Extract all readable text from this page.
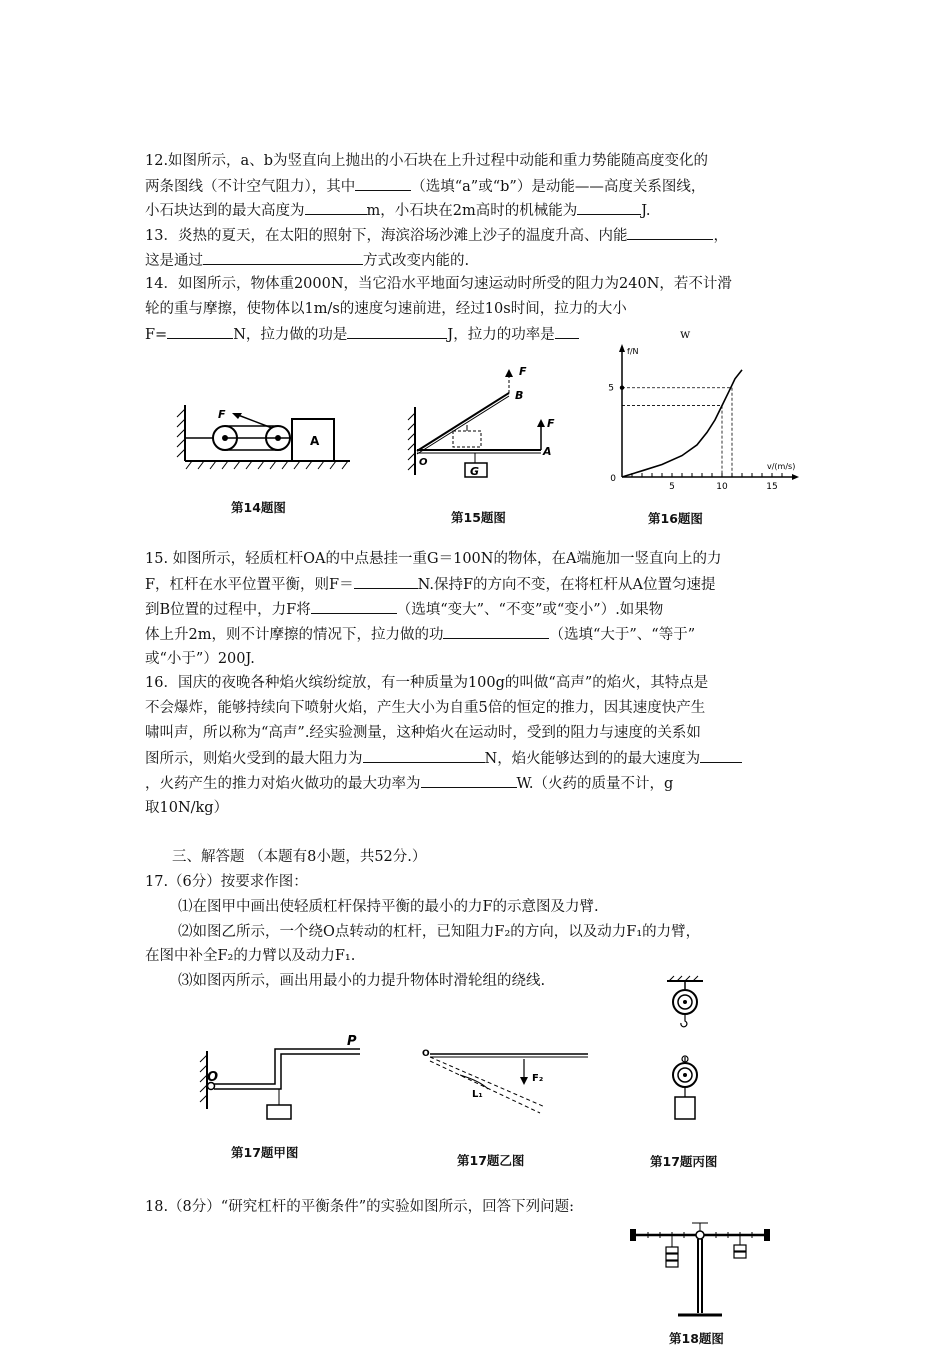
12.如图所示，a、b为竖直向上抛出的小石块在上升过程中动能和重力势能随高度变化的
两条图线（不计空气阻力），其中	（选填“a”或“b”）是动能——高度关系图线，
小石块达到的最大高度为	m，小石块在2m高时的机械能为	J.
13．炎热的夏天，在太阳的照射下，海滨浴场沙滩上沙子的温度升高、内能	，
这是通过	方式改变内能的.
14．如图所示，物体重2000N，当它沿水平地面匀速运动时所受的阻力为240N，若不计滑
轮的重与摩擦，使物体以1m/s的速度匀速前进，经过10s时间，拉力的大小
F=	N，拉力做的功是	J，拉力的功率是	w
F
A
第14题图
G
F
B
F
O
A
第15题图
5	10	15
5
0
f/N
v/(m/s)
第16题图
15. 如图所示，轻质杠杆OA的中点悬挂一重G＝100N的物体，在A端施加一竖直向上的力
F，杠杆在水平位置平衡，则F＝	N.保持F的方向不变，在将杠杆从A位置匀速提
到B位置的过程中，力F将	（选填“变大”、“不变”或“变小”）.如果物
体上升2m，则不计摩擦的情况下，拉力做的功	（选填“大于”、“等于”
或“小于”）200J.
16．国庆的夜晚各种焰火缤纷绽放，有一种质量为100g的叫做“高声”的焰火，其特点是
不会爆炸，能够持续向下喷射火焰，产生大小为自重5倍的恒定的推力，因其速度快产生
啸叫声，所以称为“高声”.经实验测量，这种焰火在运动时，受到的阻力与速度的关系如
图所示，则焰火受到的最大阻力为	N，焰火能够达到的的最大速度为
，火药产生的推力对焰火做功的最大功率为	W.（火药的质量不计，g
取10N/kg）
三、解答题 （本题有8小题，共52分.）
17.（6分）按要求作图：
⑴在图甲中画出使轻质杠杆保持平衡的最小的力F的示意图及力臂.
⑵如图乙所示，一个绕O点转动的杠杆，已知阻力F₂的方向，以及动力F₁的力臂，
在图中补全F₂的力臂以及动力F₁.
⑶如图丙所示，画出用最小的力提升物体时滑轮组的绕线.
O
P
第17题甲图
O
F₂
L₁
第17题乙图	第17题丙图
18.（8分）“研究杠杆的平衡条件”的实验如图所示，回答下列问题:
第18题图
